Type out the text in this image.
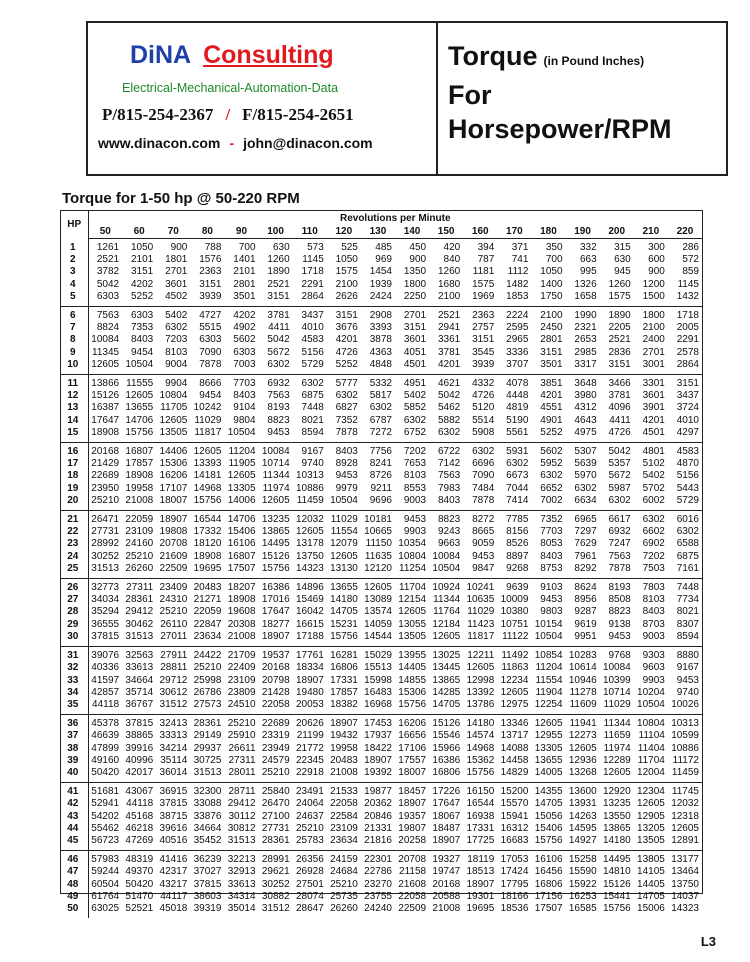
DiNA Consulting
Electrical-Mechanical-Automation-Data
P/815-254-2367 / F/815-254-2651
www.dinacon.com - john@dinacon.com
Torque (in Pound Inches)
For
Horsepower/RPM
Torque for 1-50 hp @ 50-220 RPM
HP	Revolutions per Minute																	
	50	60	70	80	90	100	110	120	130	140	150	160	170	180	190	200	210	220
1	1261	1050	900	788	700	630	573	525	485	450	420	394	371	350	332	315	300	286
2	2521	2101	1801	1576	1401	1260	1145	1050	969	900	840	787	741	700	663	630	600	572
3	3782	3151	2701	2363	2101	1890	1718	1575	1454	1350	1260	1181	1112	1050	995	945	900	859
4	5042	4202	3601	3151	2801	2521	2291	2100	1939	1800	1680	1575	1482	1400	1326	1260	1200	1145
5	6303	5252	4502	3939	3501	3151	2864	2626	2424	2250	2100	1969	1853	1750	1658	1575	1500	1432
6	7563	6303	5402	4727	4202	3781	3437	3151	2908	2701	2521	2363	2224	2100	1990	1890	1800	1718
7	8824	7353	6302	5515	4902	4411	4010	3676	3393	3151	2941	2757	2595	2450	2321	2205	2100	2005
8	10084	8403	7203	6303	5602	5042	4583	4201	3878	3601	3361	3151	2965	2801	2653	2521	2400	2291
9	11345	9454	8103	7090	6303	5672	5156	4726	4363	4051	3781	3545	3336	3151	2985	2836	2701	2578
10	12605	10504	9004	7878	7003	6302	5729	5252	4848	4501	4201	3939	3707	3501	3317	3151	3001	2864
11	13866	11555	9904	8666	7703	6932	6302	5777	5332	4951	4621	4332	4078	3851	3648	3466	3301	3151
12	15126	12605	10804	9454	8403	7563	6875	6302	5817	5402	5042	4726	4448	4201	3980	3781	3601	3437
13	16387	13655	11705	10242	9104	8193	7448	6827	6302	5852	5462	5120	4819	4551	4312	4096	3901	3724
14	17647	14706	12605	11029	9804	8823	8021	7352	6787	6302	5882	5514	5190	4901	4643	4411	4201	4010
15	18908	15756	13505	11817	10504	9453	8594	7878	7272	6752	6302	5908	5561	5252	4975	4726	4501	4297
16	20168	16807	14406	12605	11204	10084	9167	8403	7756	7202	6722	6302	5931	5602	5307	5042	4801	4583
17	21429	17857	15306	13393	11905	10714	9740	8928	8241	7653	7142	6696	6302	5952	5639	5357	5102	4870
18	22689	18908	16206	14181	12605	11344	10313	9453	8726	8103	7563	7090	6673	6302	5970	5672	5402	5156
19	23950	19958	17107	14968	13305	11974	10886	9979	9211	8553	7983	7484	7044	6652	6302	5987	5702	5443
20	25210	21008	18007	15756	14006	12605	11459	10504	9696	9003	8403	7878	7414	7002	6634	6302	6002	5729
21	26471	22059	18907	16544	14706	13235	12032	11029	10181	9453	8823	8272	7785	7352	6965	6617	6302	6016
22	27731	23109	19808	17332	15406	13865	12605	11554	10665	9903	9243	8665	8156	7703	7297	6932	6602	6302
23	28992	24160	20708	18120	16106	14495	13178	12079	11150	10354	9663	9059	8526	8053	7629	7247	6902	6588
24	30252	25210	21609	18908	16807	15126	13750	12605	11635	10804	10084	9453	8897	8403	7961	7563	7202	6875
25	31513	26260	22509	19695	17507	15756	14323	13130	12120	11254	10504	9847	9268	8753	8292	7878	7503	7161
26	32773	27311	23409	20483	18207	16386	14896	13655	12605	11704	10924	10241	9639	9103	8624	8193	7803	7448
27	34034	28361	24310	21271	18908	17016	15469	14180	13089	12154	11344	10635	10009	9453	8956	8508	8103	7734
28	35294	29412	25210	22059	19608	17647	16042	14705	13574	12605	11764	11029	10380	9803	9287	8823	8403	8021
29	36555	30462	26110	22847	20308	18277	16615	15231	14059	13055	12184	11423	10751	10154	9619	9138	8703	8307
30	37815	31513	27011	23634	21008	18907	17188	15756	14544	13505	12605	11817	11122	10504	9951	9453	9003	8594
31	39076	32563	27911	24422	21709	19537	17761	16281	15029	13955	13025	12211	11492	10854	10283	9768	9303	8880
32	40336	33613	28811	25210	22409	20168	18334	16806	15513	14405	13445	12605	11863	11204	10614	10084	9603	9167
33	41597	34664	29712	25998	23109	20798	18907	17331	15998	14855	13865	12998	12234	11554	10946	10399	9903	9453
34	42857	35714	30612	26786	23809	21428	19480	17857	16483	15306	14285	13392	12605	11904	11278	10714	10204	9740
35	44118	36767	31512	27573	24510	22058	20053	18382	16968	15756	14705	13786	12975	12254	11609	11029	10504	10026
36	45378	37815	32413	28361	25210	22689	20626	18907	17453	16206	15126	14180	13346	12605	11941	11344	10804	10313
37	46639	38865	33313	29149	25910	23319	21199	19432	17937	16656	15546	14574	13717	12955	12273	11659	11104	10599
38	47899	39916	34214	29937	26611	23949	21772	19958	18422	17106	15966	14968	14088	13305	12605	11974	11404	10886
39	49160	40996	35114	30725	27311	24579	22345	20483	18907	17557	16386	15362	14458	13655	12936	12289	11704	11172
40	50420	42017	36014	31513	28011	25210	22918	21008	19392	18007	16806	15756	14829	14005	13268	12605	12004	11459
41	51681	43067	36915	32300	28711	25840	23491	21533	19877	18457	17226	16150	15200	14355	13600	12920	12304	11745
42	52941	44118	37815	33088	29412	26470	24064	22058	20362	18907	17647	16544	15570	14705	13931	13235	12605	12032
43	54202	45168	38715	33876	30112	27100	24637	22584	20846	19357	18067	16938	15941	15056	14263	13550	12905	12318
44	55462	46218	39616	34664	30812	27731	25210	23109	21331	19807	18487	17331	16312	15406	14595	13865	13205	12605
45	56723	47269	40516	35452	31513	28361	25783	23634	21816	20258	18907	17725	16683	15756	14927	14180	13505	12891
46	57983	48319	41416	36239	32213	28991	26356	24159	22301	20708	19327	18119	17053	16106	15258	14495	13805	13177
47	59244	49370	42317	37027	32913	29621	26928	24684	22786	21158	19747	18513	17424	16456	15590	14810	14105	13464
48	60504	50420	43217	37815	33613	30252	27501	25210	23270	21608	20168	18907	17795	16806	15922	15126	14405	13750
49	61764	51470	44117	38603	34314	30882	28074	25735	23755	22058	20588	19301	18166	17156	16253	15441	14705	14037
50	63025	52521	45018	39319	35014	31512	28647	26260	24240	22509	21008	19695	18536	17507	16585	15756	15006	14323
L3
